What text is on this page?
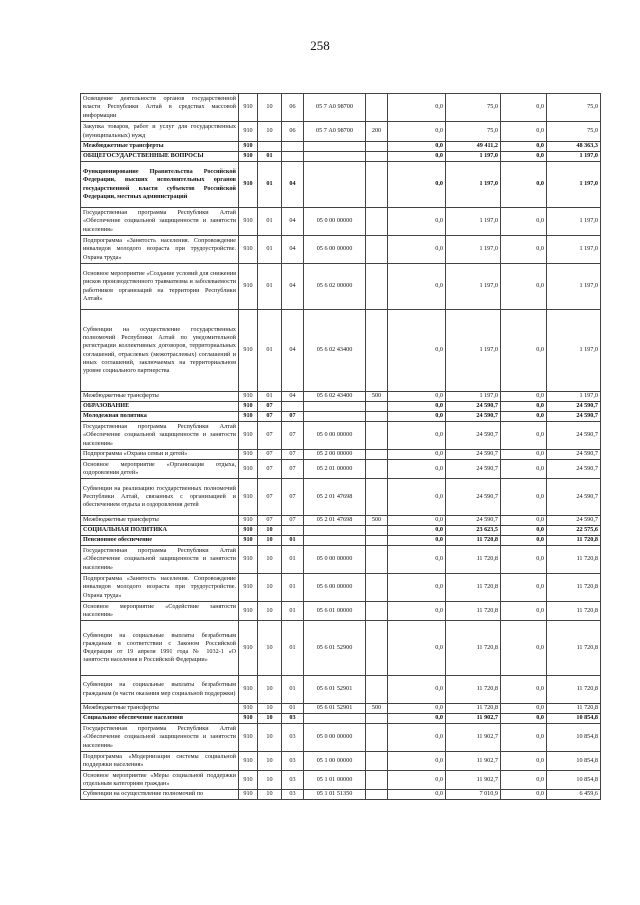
258
Освещение деятельности органов государственной власти Республики Алтай в средствах массовой информации	910	10	06	05 7 А0 98700		0,0	75,0	0,0	75,0
Закупка товаров, работ и услуг для государственных (муниципальных) нужд	910	10	06	05 7 А0 98700	200	0,0	75,0	0,0	75,0
Межбюджетные трансферты	910					0,0	49 411,2	0,0	48 363,3
ОБЩЕГОСУДАРСТВЕННЫЕ ВОПРОСЫ	910	01				0,0	1 197,0	0,0	1 197,0
Функционирование Правительства Российской Федерации, высших исполнительных органов государственной власти субъектов Российской Федерации, местных администраций	910	01	04			0,0	1 197,0	0,0	1 197,0
Государственная программа Республики Алтай «Обеспечение социальной защищенности и занятости населения»	910	01	04	05 0 00 00000		0,0	1 197,0	0,0	1 197,0
Подпрограмма «Занятость населения. Сопровождение инвалидов молодого возраста при трудоустройстве. Охрана труда»	910	01	04	05 6 00 00000		0,0	1 197,0	0,0	1 197,0
Основное мероприятие «Создание условий для снижения рисков производственного травматизма и заболеваемости работников организаций на территории Республики Алтай»	910	01	04	05 6 02 00000		0,0	1 197,0	0,0	1 197,0
Субвенции на осуществление государственных полномочий Республики Алтай по уведомительной регистрации коллективных договоров, территориальных соглашений, отраслевых (межотраслевых) соглашений и иных соглашений, заключаемых на территориальном уровне социального партнерства	910	01	04	05 6 02 43400		0,0	1 197,0	0,0	1 197,0
Межбюджетные трансферты	910	01	04	05 6 02 43400	500	0,0	1 197,0	0,0	1 197,0
ОБРАЗОВАНИЕ	910	07				0,0	24 590,7	0,0	24 590,7
Молодежная политика	910	07	07			0,0	24 590,7	0,0	24 590,7
Государственная программа Республики Алтай «Обеспечение социальной защищенности и занятости населения»	910	07	07	05 0 00 00000		0,0	24 590,7	0,0	24 590,7
Подпрограмма «Охрана семьи и детей»	910	07	07	05 2 00 00000		0,0	24 590,7	0,0	24 590,7
Основное мероприятие «Организация отдыха, оздоровления детей»	910	07	07	05 2 01 00000		0,0	24 590,7	0,0	24 590,7
Субвенции на реализацию государственных полномочий Республики Алтай, связанных с организацией и обеспечением отдыха и оздоровления детей	910	07	07	05 2 01 47698		0,0	24 590,7	0,0	24 590,7
Межбюджетные трансферты	910	07	07	05 2 01 47698	500	0,0	24 590,7	0,0	24 590,7
СОЦИАЛЬНАЯ ПОЛИТИКА	910	10				0,0	23 623,5	0,0	22 575,6
Пенсионное обеспечение	910	10	01			0,0	11 720,8	0,0	11 720,8
Государственная программа Республики Алтай «Обеспечение социальной защищенности и занятости населения»	910	10	01	05 0 00 00000		0,0	11 720,8	0,0	11 720,8
Подпрограмма «Занятость населения. Сопровождение инвалидов молодого возраста при трудоустройстве. Охрана труда»	910	10	01	05 6 00 00000		0,0	11 720,8	0,0	11 720,8
Основное мероприятие «Содействие занятости населения»	910	10	01	05 6 01 00000		0,0	11 720,8	0,0	11 720,8
Субвенции на социальные выплаты безработным гражданам в соответствии с Законом Российской Федерации от 19 апреля 1991 года № 1032-1 «О занятости населения в Российской Федерации»	910	10	01	05 6 01 52900		0,0	11 720,8	0,0	11 720,8
Субвенции на социальные выплаты безработным гражданам (в части оказания мер социальной поддержки)	910	10	01	05 6 01 52901		0,0	11 720,8	0,0	11 720,8
Межбюджетные трансферты	910	10	01	05 6 01 52901	500	0,0	11 720,8	0,0	11 720,8
Социальное обеспечение населения	910	10	03			0,0	11 902,7	0,0	10 854,8
Государственная программа Республики Алтай «Обеспечение социальной защищенности и занятости населения»	910	10	03	05 0 00 00000		0,0	11 902,7	0,0	10 854,8
Подпрограмма «Модернизация системы социальной поддержки населения»	910	10	03	05 1 00 00000		0,0	11 902,7	0,0	10 854,8
Основное мероприятие «Меры социальной поддержки отдельным категориям граждан»	910	10	03	05 1 01 00000		0,0	11 902,7	0,0	10 854,8
Субвенции на осуществление полномочий по	910	10	03	05 1 01 51350		0,0	7 010,9	0,0	6 459,6
